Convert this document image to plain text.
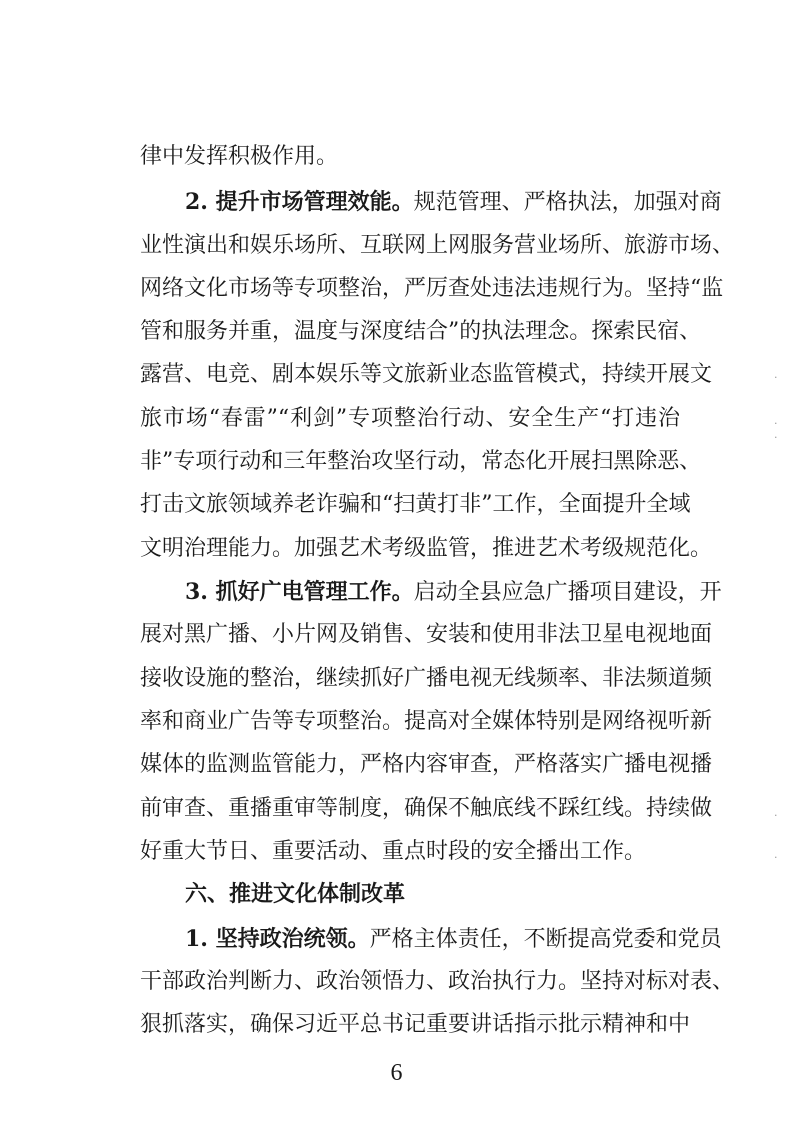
律中发挥积极作用。
2. 提升市场管理效能。规范管理、严格执法，加强对商
业性演出和娱乐场所、互联网上网服务营业场所、旅游市场、
网络文化市场等专项整治，严厉查处违法违规行为。坚持“监
管和服务并重，温度与深度结合”的执法理念。探索民宿、
露营、电竞、剧本娱乐等文旅新业态监管模式，持续开展文
旅市场“春雷”“利剑”专项整治行动、安全生产“打违治
非”专项行动和三年整治攻坚行动，常态化开展扫黑除恶、
打击文旅领域养老诈骗和“扫黄打非”工作，全面提升全域
文明治理能力。加强艺术考级监管，推进艺术考级规范化。
3. 抓好广电管理工作。启动全县应急广播项目建设，开
展对黑广播、小片网及销售、安装和使用非法卫星电视地面
接收设施的整治，继续抓好广播电视无线频率、非法频道频
率和商业广告等专项整治。提高对全媒体特别是网络视听新
媒体的监测监管能力，严格内容审查，严格落实广播电视播
前审查、重播重审等制度，确保不触底线不踩红线。持续做
好重大节日、重要活动、重点时段的安全播出工作。
六、推进文化体制改革
1. 坚持政治统领。严格主体责任，不断提高党委和党员
干部政治判断力、政治领悟力、政治执行力。坚持对标对表、
狠抓落实，确保习近平总书记重要讲话指示批示精神和中
6
·
·
·
·
·
